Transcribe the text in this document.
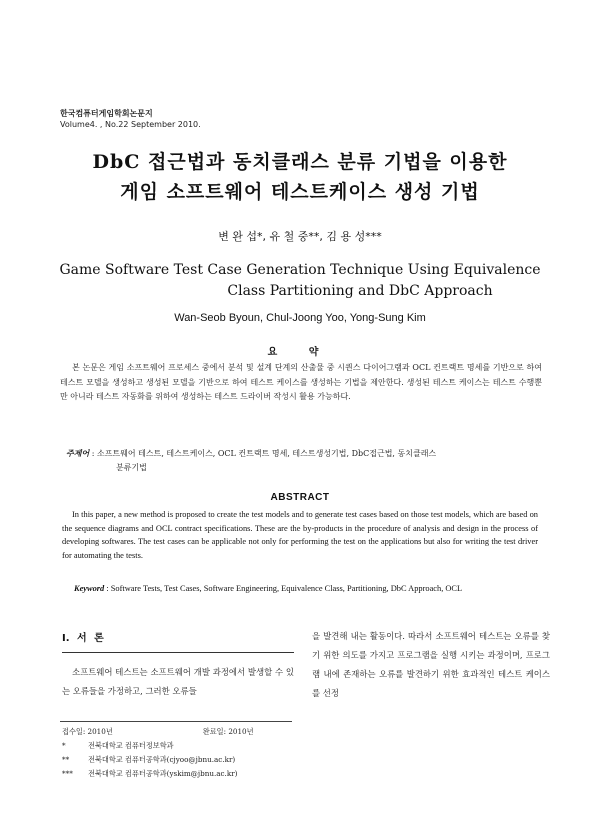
한국컴퓨터게임학회논문지
Volume4. , No.22 September 2010.
DbC 접근법과 동치클래스 분류 기법을 이용한
게임 소프트웨어 테스트케이스 생성 기법
변 완 섭*, 유 철 중**, 김 용 성***
Game Software Test Case Generation Technique Using Equivalence
Class Partitioning and DbC Approach
Wan-Seob Byoun, Chul-Joong Yoo, Yong-Sung Kim
요 약
본 논문은 게임 소프트웨어 프로세스 중에서 분석 및 설계 단계의 산출물 중 시퀀스 다이어그램과 OCL 컨트랙트 명세를 기반으로 하여 테스트 모델을 생성하고 생성된 모델을 기반으로 하여 테스트 케이스를 생성하는 기법을 제안한다. 생성된 테스트 케이스는 테스트 수행뿐만 아니라 테스트 자동화를 위하여 생성하는 테스트 드라이버 작성시 활용 가능하다.
주제어 : 소프트웨어 테스트, 테스트케이스, OCL 컨트랙트 명세, 테스트생성기법, DbC접근법, 동치클래스
분류기법
ABSTRACT
In this paper, a new method is proposed to create the test models and to generate test cases based on those test models, which are based on the sequence diagrams and OCL contract specifications. These are the by-products in the procedure of analysis and design in the process of developing softwares. The test cases can be applicable not only for performing the test on the applications but also for writing the test driver for automating the tests.
Keyword : Software Tests, Test Cases, Software Engineering, Equivalence Class, Partitioning, DbC Approach, OCL
Ⅰ. 서 론
소프트웨어 테스트는 소프트웨어 개발 과정에서 발생할 수 있는 오류들을 가정하고, 그러한 오류들
을 발견해 내는 활동이다. 따라서 소프트웨어 테스트는 오류를 찾기 위한 의도를 가지고 프로그램을 실행 시키는 과정이며, 프로그램 내에 존재하는 오류를 발견하기 위한 효과적인 테스트 케이스를 선정
접수일: 2010년	완료일: 2010년
*	전북대학교 컴퓨터정보학과
**	전북대학교 컴퓨터공학과(cjyoo@jbnu.ac.kr)
*** 전북대학교 컴퓨터공학과(yskim@jbnu.ac.kr)
